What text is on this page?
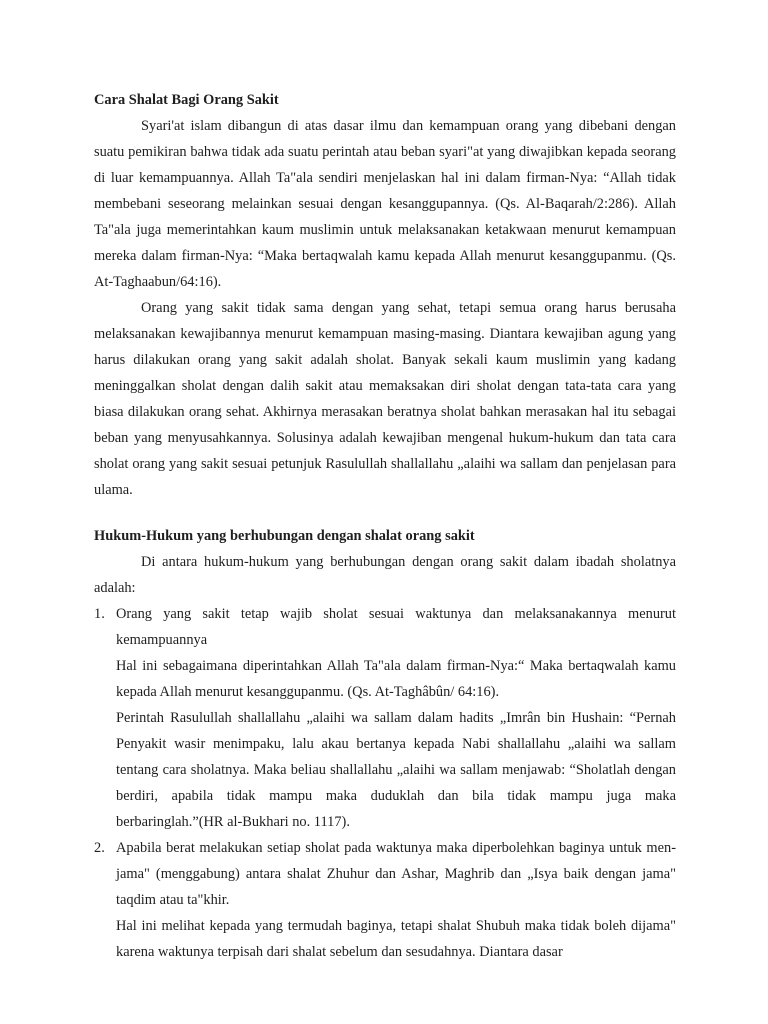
Cara Shalat Bagi Orang Sakit

Syari'at islam dibangun di atas dasar ilmu dan kemampuan orang yang dibebani dengan suatu pemikiran bahwa tidak ada suatu perintah atau beban syari"at yang diwajibkan kepada seorang di luar kemampuannya. Allah Ta"ala sendiri menjelaskan hal ini dalam firman-Nya: “Allah tidak membebani seseorang melainkan sesuai dengan kesanggupannya. (Qs. Al-Baqarah/2:286). Allah Ta"ala juga memerintahkan kaum muslimin untuk melaksanakan ketakwaan menurut kemampuan mereka dalam firman-Nya: “Maka bertaqwalah kamu kepada Allah menurut kesanggupanmu. (Qs. At-Taghaabun/64:16).

Orang yang sakit tidak sama dengan yang sehat, tetapi semua orang harus berusaha melaksanakan kewajibannya menurut kemampuan masing-masing. Diantara kewajiban agung yang harus dilakukan orang yang sakit adalah sholat. Banyak sekali kaum muslimin yang kadang meninggalkan sholat dengan dalih sakit atau memaksakan diri sholat dengan tata-tata cara yang biasa dilakukan orang sehat. Akhirnya merasakan beratnya sholat bahkan merasakan hal itu sebagai beban yang menyusahkannya. Solusinya adalah kewajiban mengenal hukum-hukum dan tata cara sholat orang yang sakit sesuai petunjuk Rasulullah shallallahu „alaihi wa sallam dan penjelasan para ulama.

Hukum-Hukum yang berhubungan dengan shalat orang sakit

Di antara hukum-hukum yang berhubungan dengan orang sakit dalam ibadah sholatnya adalah:

1. Orang yang sakit tetap wajib sholat sesuai waktunya dan melaksanakannya menurut kemampuannya
Hal ini sebagaimana diperintahkan Allah Ta"ala dalam firman-Nya:“ Maka bertaqwalah kamu kepada Allah menurut kesanggupanmu. (Qs. At-Taghâbûn/ 64:16).
Perintah Rasulullah shallallahu „alaihi wa sallam dalam hadits „Imrân bin Hushain: “Pernah Penyakit wasir menimpaku, lalu akau bertanya kepada Nabi shallallahu „alaihi wa sallam tentang cara sholatnya. Maka beliau shallallahu „alaihi wa sallam menjawab: “Sholatlah dengan berdiri, apabila tidak mampu maka duduklah dan bila tidak mampu juga maka berbaringlah.”(HR al-Bukhari no. 1117).
2. Apabila berat melakukan setiap sholat pada waktunya maka diperbolehkan baginya untuk men-jama" (menggabung) antara shalat Zhuhur dan Ashar, Maghrib dan „Isya baik dengan jama" taqdim atau ta"khir.
Hal ini melihat kepada yang termudah baginya, tetapi shalat Shubuh maka tidak boleh dijama" karena waktunya terpisah dari shalat sebelum dan sesudahnya. Diantara dasar
